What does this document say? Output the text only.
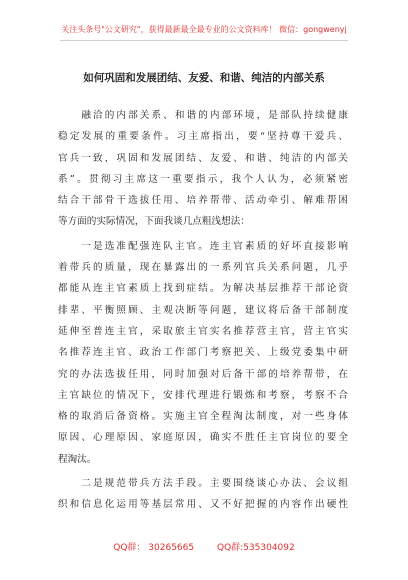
关注头条号"公文研究"，获得最新最全最专业的公文资料库！ 微信：gongwenyj
如何巩固和发展团结、友爱、和谐、纯洁的内部关系
　　融洽的内部关系、和谐的内部环境，是部队持续健康
稳定发展的重要条件。习主席指出，要“坚持尊干爱兵、
官兵一致，巩固和发展团结、友爱、和谐、纯洁的内部关
系”。贯彻习主席这一重要指示，我个人认为，必须紧密
结合干部骨干选拔任用、培养帮带、活动牵引、解难帮困
等方面的实际情况，下面我谈几点粗浅想法：
　　一是选准配强连队主官。连主官素质的好坏直接影响
着带兵的质量，现在暴露出的一系列官兵关系问题，几乎
都能从连主官素质上找到症结。为解决基层推荐干部论资
排辈、平衡照顾、主观决断等问题，建议将后备干部制度
延伸至普连主官，采取旅主官实名推荐营主官，营主官实
名推荐连主官、政治工作部门考察把关、上级党委集中研
究的办法选拔任用，同时加强对后备干部的培养帮带，在
主官缺位的情况下，安排代理进行锻炼和考察，考察不合
格的取消后备资格。实施主官全程淘汰制度，对一些身体
原因、心理原因、家庭原因，确实不胜任主官岗位的要全
程淘汰。
　　二是规范带兵方法手段。主要围绕谈心办法、会议组
织和信息化运用等基层常用、又不好把握的内容作出硬性
QQ群： 30265665	QQ群:535304092
